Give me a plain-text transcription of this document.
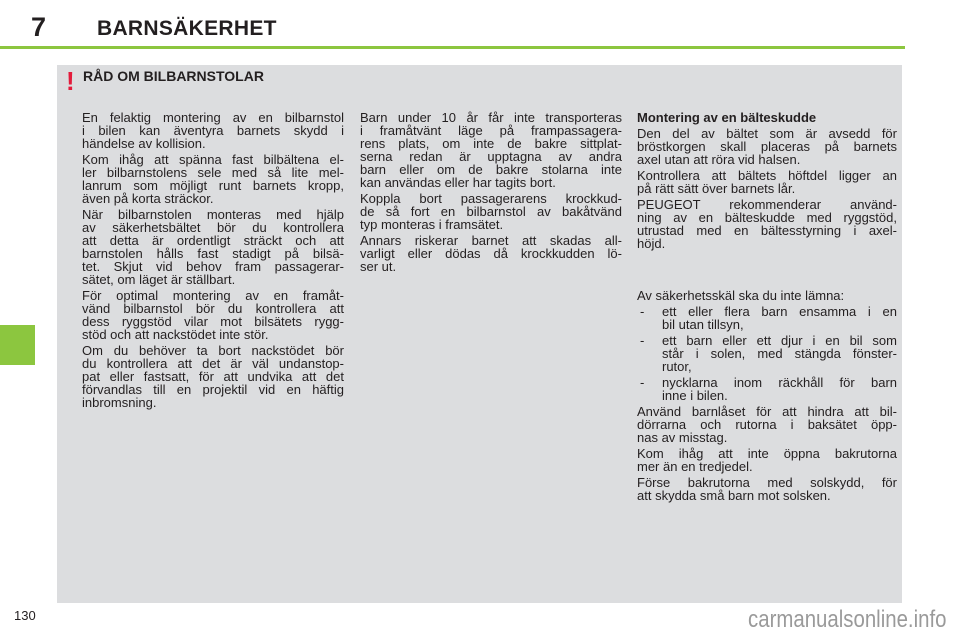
7 BARNSÄKERHET
! RÅD OM BILBARNSTOLAR
En felaktig montering av en bilbarnstol
i bilen kan äventyra barnets skydd i
händelse av kollision.
Kom ihåg att spänna fast bilbältena el-
ler bilbarnstolens sele med så lite mel-
lanrum som möjligt runt barnets kropp,
även på korta sträckor.
När bilbarnstolen monteras med hjälp
av säkerhetsbältet bör du kontrollera
att detta är ordentligt sträckt och att
barnstolen hålls fast stadigt på bilsä-
tet. Skjut vid behov fram passagerar-
sätet, om läget är ställbart.
För optimal montering av en framåt-
vänd bilbarnstol bör du kontrollera att
dess ryggstöd vilar mot bilsätets rygg-
stöd och att nackstödet inte stör.
Om du behöver ta bort nackstödet bör
du kontrollera att det är väl undanstop-
pat eller fastsatt, för att undvika att det
förvandlas till en projektil vid en häftig
inbromsning.
Barn under 10 år får inte transporteras
i framåtvänt läge på frampassagera-
rens plats, om inte de bakre sittplat-
serna redan är upptagna av andra
barn eller om de bakre stolarna inte
kan användas eller har tagits bort.
Koppla bort passagerarens krockkud-
de så fort en bilbarnstol av bakåtvänd
typ monteras i framsätet.
Annars riskerar barnet att skadas all-
varligt eller dödas då krockkudden lö-
ser ut.
Montering av en bälteskudde
Den del av bältet som är avsedd för
bröstkorgen skall placeras på barnets
axel utan att röra vid halsen.
Kontrollera att bältets höftdel ligger an
på rätt sätt över barnets lår.
PEUGEOT rekommenderar använd-
ning av en bälteskudde med ryggstöd,
utrustad med en bältesstyrning i axel-
höjd.
Av säkerhetsskäl ska du inte lämna:
- ett eller flera barn ensamma i en
bil utan tillsyn,
- ett barn eller ett djur i en bil som
står i solen, med stängda fönster-
rutor,
- nycklarna inom räckhåll för barn
inne i bilen.
Använd barnlåset för att hindra att bil-
dörrarna och rutorna i baksätet öpp-
nas av misstag.
Kom ihåg att inte öppna bakrutorna
mer än en tredjedel.
Förse bakrutorna med solskydd, för
att skydda små barn mot solsken.
130	carmanualsonline.info
